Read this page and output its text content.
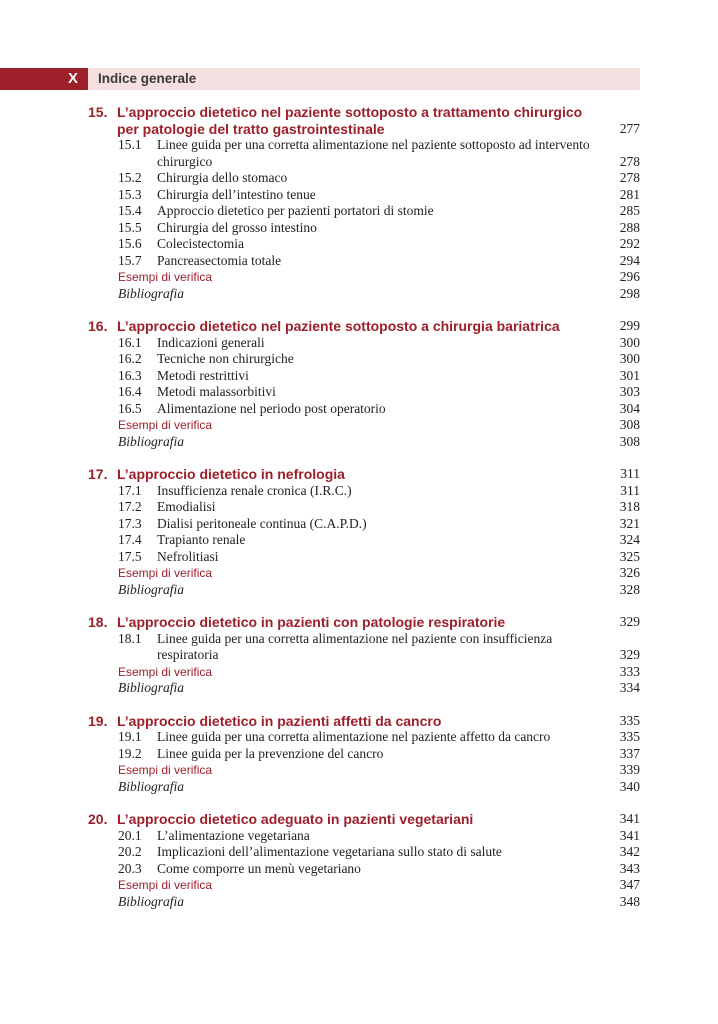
X	Indice generale
15. L’approccio dietetico nel paziente sottoposto a trattamento chirurgico per patologie del tratto gastrointestinale	277
15.1 Linee guida per una corretta alimentazione nel paziente sottoposto ad intervento chirurgico	278
15.2 Chirurgia dello stomaco	278
15.3 Chirurgia dell’intestino tenue	281
15.4 Approccio dietetico per pazienti portatori di stomie	285
15.5 Chirurgia del grosso intestino	288
15.6 Colecistectomia	292
15.7 Pancreasectomia totale	294
Esempi di verifica	296
Bibliografia	298
16. L’approccio dietetico nel paziente sottoposto a chirurgia bariatrica	299
16.1 Indicazioni generali	300
16.2 Tecniche non chirurgiche	300
16.3 Metodi restrittivi	301
16.4 Metodi malassorbitivi	303
16.5 Alimentazione nel periodo post operatorio	304
Esempi di verifica	308
Bibliografia	308
17. L’approccio dietetico in nefrologia	311
17.1 Insufficienza renale cronica (I.R.C.)	311
17.2 Emodialisi	318
17.3 Dialisi peritoneale continua (C.A.P.D.)	321
17.4 Trapianto renale	324
17.5 Nefrolitiasi	325
Esempi di verifica	326
Bibliografia	328
18. L’approccio dietetico in pazienti con patologie respiratorie	329
18.1 Linee guida per una corretta alimentazione nel paziente con insufficienza respiratoria	329
Esempi di verifica	333
Bibliografia	334
19. L’approccio dietetico in pazienti affetti da cancro	335
19.1 Linee guida per una corretta alimentazione nel paziente affetto da cancro	335
19.2 Linee guida per la prevenzione del cancro	337
Esempi di verifica	339
Bibliografia	340
20. L’approccio dietetico adeguato in pazienti vegetariani	341
20.1 L’alimentazione vegetariana	341
20.2 Implicazioni dell’alimentazione vegetariana sullo stato di salute	342
20.3 Come comporre un menù vegetariano	343
Esempi di verifica	347
Bibliografia	348
